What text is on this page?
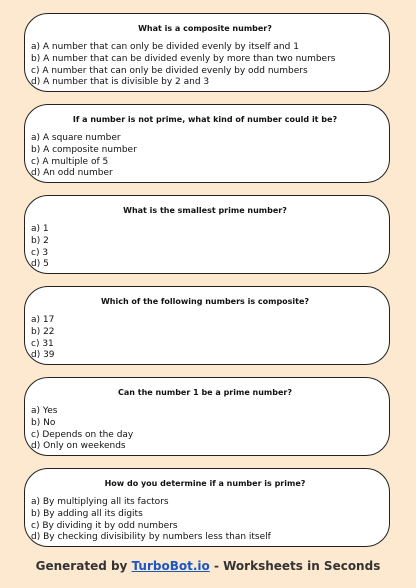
What is a composite number?
a) A number that can only be divided evenly by itself and 1
b) A number that can be divided evenly by more than two numbers
c) A number that can only be divided evenly by odd numbers
d) A number that is divisible by 2 and 3
If a number is not prime, what kind of number could it be?
a) A square number
b) A composite number
c) A multiple of 5
d) An odd number
What is the smallest prime number?
a) 1
b) 2
c) 3
d) 5
Which of the following numbers is composite?
a) 17
b) 22
c) 31
d) 39
Can the number 1 be a prime number?
a) Yes
b) No
c) Depends on the day
d) Only on weekends
How do you determine if a number is prime?
a) By multiplying all its factors
b) By adding all its digits
c) By dividing it by odd numbers
d) By checking divisibility by numbers less than itself
Generated by TurboBot.io - Worksheets in Seconds
